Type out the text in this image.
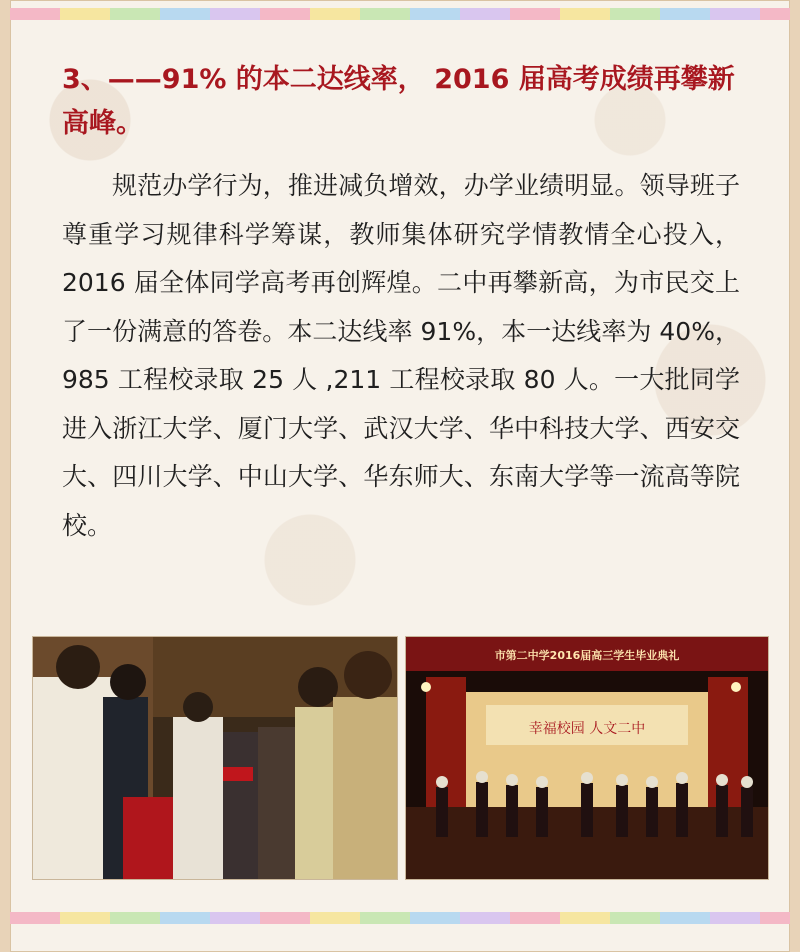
3、——91% 的本二达线率， 2016 届高考成绩再攀新高峰。

规范办学行为，推进减负增效，办学业绩明显。领导班子尊重学习规律科学筹谋，教师集体研究学情教情全心投入，2016 届全体同学高考再创辉煌。二中再攀新高，为市民交上了一份满意的答卷。本二达线率 91%，本一达线率为 40%，985 工程校录取 25 人 ,211 工程校录取 80 人。一大批同学进入浙江大学、厦门大学、武汉大学、华中科技大学、西安交大、四川大学、中山大学、华东师大、东南大学等一流高等院校。

市第二中学2016届高三学生毕业典礼
幸福校园 人文二中
